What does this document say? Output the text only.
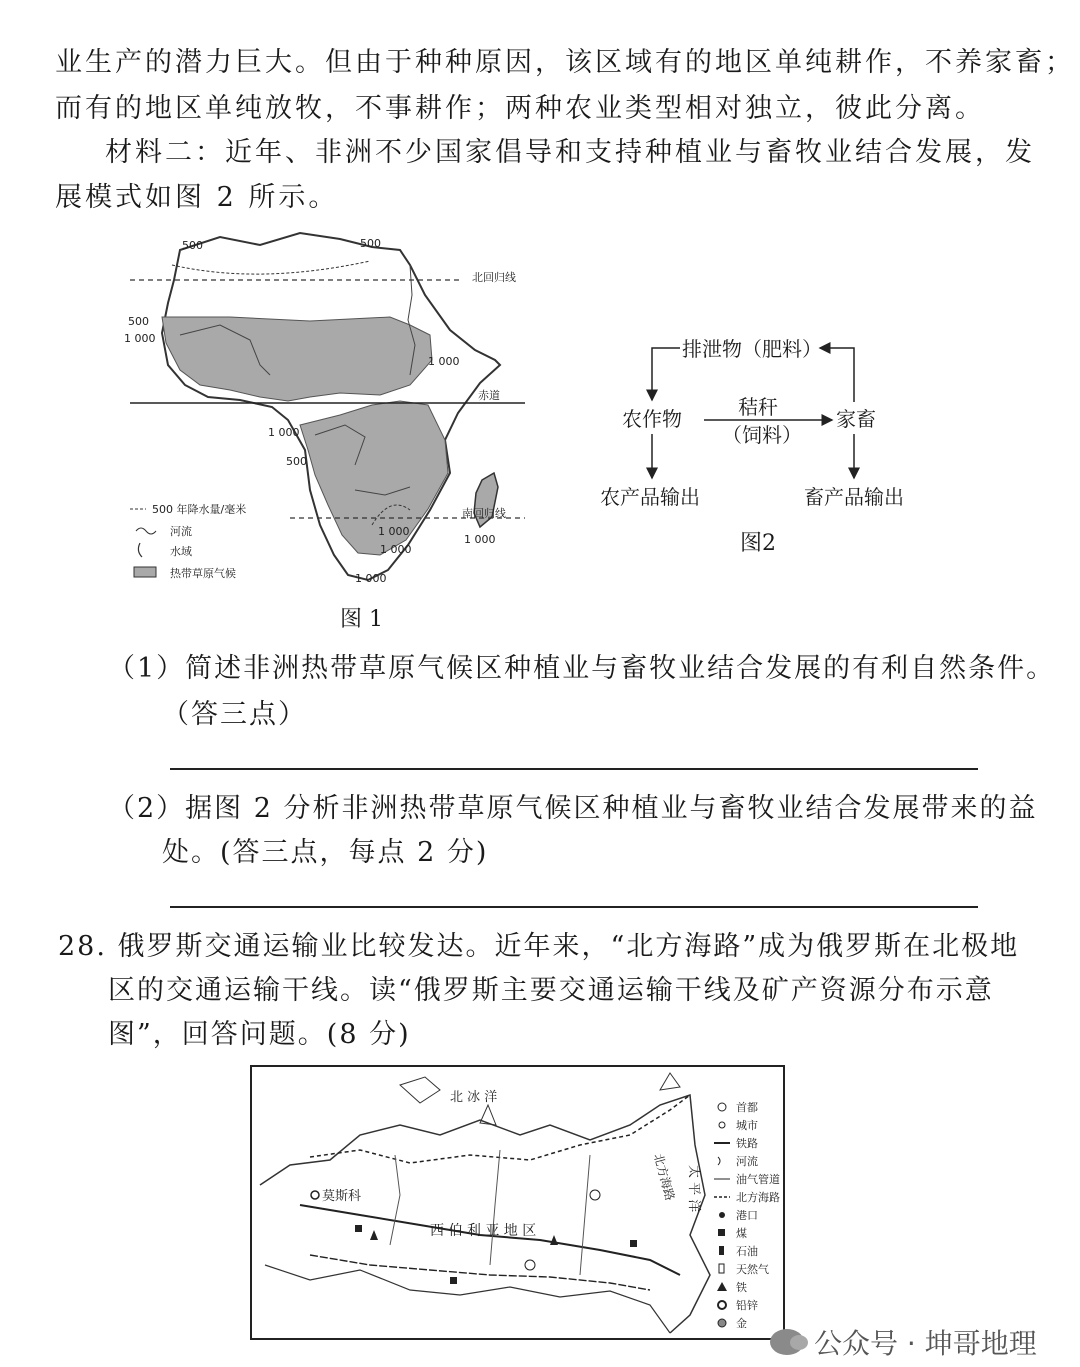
业生产的潜力巨大。但由于种种原因，该区域有的地区单纯耕作，不养家畜；
而有的地区单纯放牧，不事耕作；两种农业类型相对独立，彼此分离。
材料二：近年、非洲不少国家倡导和支持种植业与畜牧业结合发展，发
展模式如图 2 所示。
500	500
北回归线
500
1 000
1 000
赤道
1 000
500
南回归线
1 000
1 000
1 000
1 000
500 年降水量/毫米
河流
水域
热带草原气候
图 1
排泄物（肥料）
农作物	秸秆
（饲料）
家畜
农产品输出	畜产品输出
图2
（1）简述非洲热带草原气候区种植业与畜牧业结合发展的有利自然条件。
（答三点）
（2）据图 2 分析非洲热带草原气候区种植业与畜牧业结合发展带来的益
处。(答三点，每点 2 分)
28. 俄罗斯交通运输业比较发达。近年来，“北方海路”成为俄罗斯在北极地
区的交通运输干线。读“俄罗斯主要交通运输干线及矿产资源分布示意
图”，回答问题。(8 分)
北 冰 洋
莫斯科
西 伯 利 亚 地 区
北方海路 太 平 洋
首都
城市
铁路
河流
油气管道
北方海路
港口
煤
石油
天然气
铁
铅锌
金
公众号 · 坤哥地理
